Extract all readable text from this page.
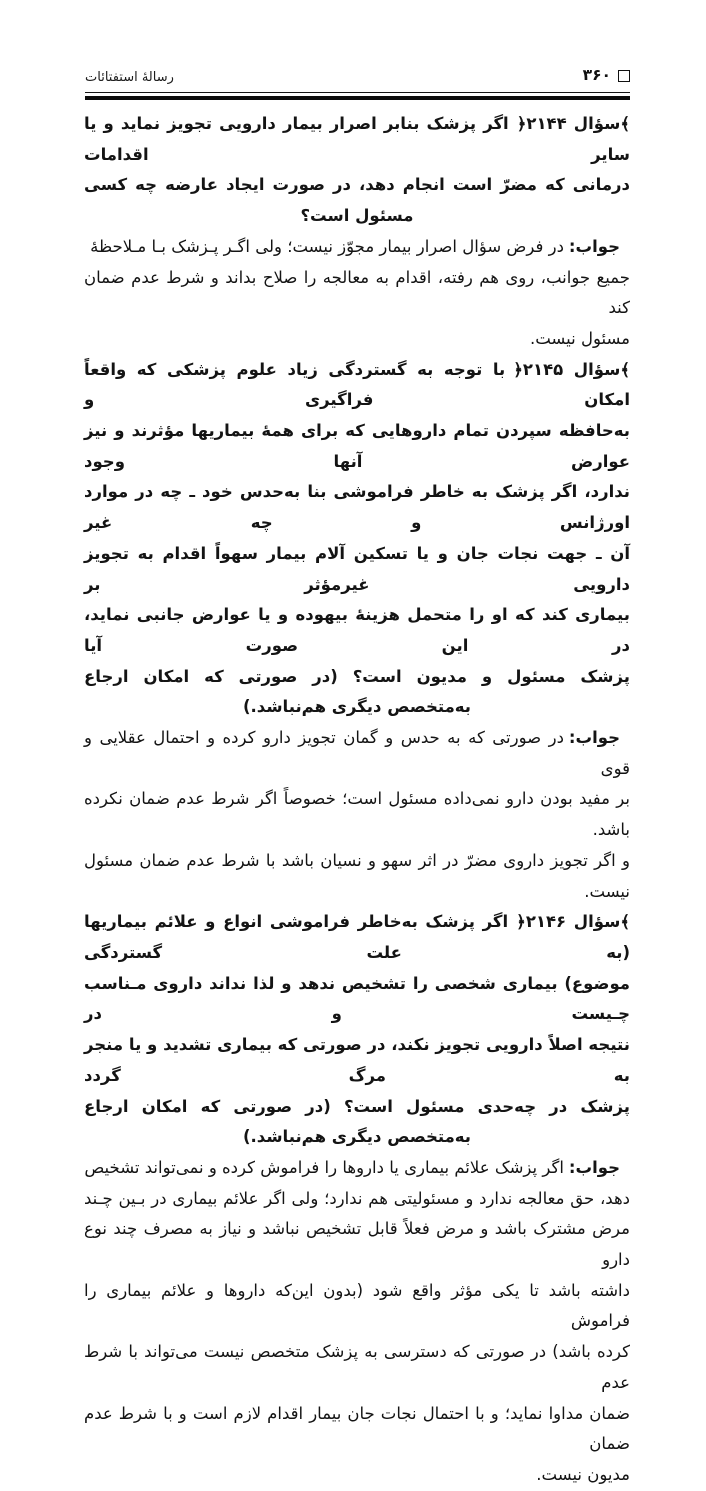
رسالهٔ استفتائات	۳۶۰
﴾سؤال ۲۱۴۴﴿اگر پزشک بنابر اصرار بیمار دارویی تجویز نماید و یا سایر اقدامات
درمانی که مضرّ است انجام دهد، در صورت ایجاد عارضه چه کسی مسئول است؟
جواب:در فرض سؤال اصرار بیمار مجوّز نیست؛ ولی اگـر پـزشک بـا مـلاحظهٔ
جمیع جوانب، روی هم رفته، اقدام به معالجه را صلاح بداند و شرط عدم ضمان کند
مسئول نیست.
﴾سؤال ۲۱۴۵﴿با توجه به گستردگی زیاد علوم پزشکی که واقعاً امکان فراگیری و
به‌حافظه سپردن تمام داروهایی که برای همهٔ بیماریها مؤثرند و نیز عوارض آنها وجود
ندارد، اگر پزشک به خاطر فراموشی بنا به‌حدس خود ـ چه در موارد اورژانس و چه غیر
آن ـ جهت نجات جان و یا تسکین آلام بیمار سهواً اقدام به تجویز دارویی غیرمؤثر بر
بیماری کند که او را متحمل هزینهٔ بیهوده و یا عوارض جانبی نماید، در این صورت آیا
پزشک مسئول و مدیون است؟ (در صورتی که امکان ارجاع به‌متخصص دیگری هم‌نباشد.)
جواب:در صورتی که به حدس و گمان تجویز دارو کرده و احتمال عقلایی و قوی
بر مفید بودن دارو نمی‌داده مسئول است؛ خصوصاً اگر شرط عدم ضمان نکرده باشد.
و اگر تجویز داروی مضرّ در اثر سهو و نسیان باشد با شرط عدم ضمان مسئول نیست.
﴾سؤال ۲۱۴۶﴿اگر پزشک به‌خاطر فراموشی انواع و علائم بیماریها (به علت گستردگی
موضوع) بیماری شخصی را تشخیص ندهد و لذا نداند داروی مـناسب چـیست و در
نتیجه اصلاً دارویی تجویز نکند، در صورتی که بیماری تشدید و یا منجر به مرگ گردد
پزشک در چه‌حدی مسئول است؟ (در صورتی که امکان ارجاع به‌متخصص دیگری هم‌نباشد.)
جواب:اگر پزشک علائم بیماری یا داروها را فراموش کرده و نمی‌تواند تشخیص
دهد، حق معالجه ندارد و مسئولیتی هم ندارد؛ ولی اگر علائم بیماری در بـین چـند
مرض مشترک باشد و مرض فعلاً قابل تشخیص نباشد و نیاز به مصرف چند نوع دارو
داشته باشد تا یکی مؤثر واقع شود (بدون این‌که داروها و علائم بیماری را فراموش
کرده باشد) در صورتی که دسترسی به پزشک متخصص نیست می‌تواند با شرط عدم
ضمان مداوا نماید؛ و با احتمال نجات جان بیمار اقدام لازم است و با شرط عدم ضمان
مدیون نیست.
